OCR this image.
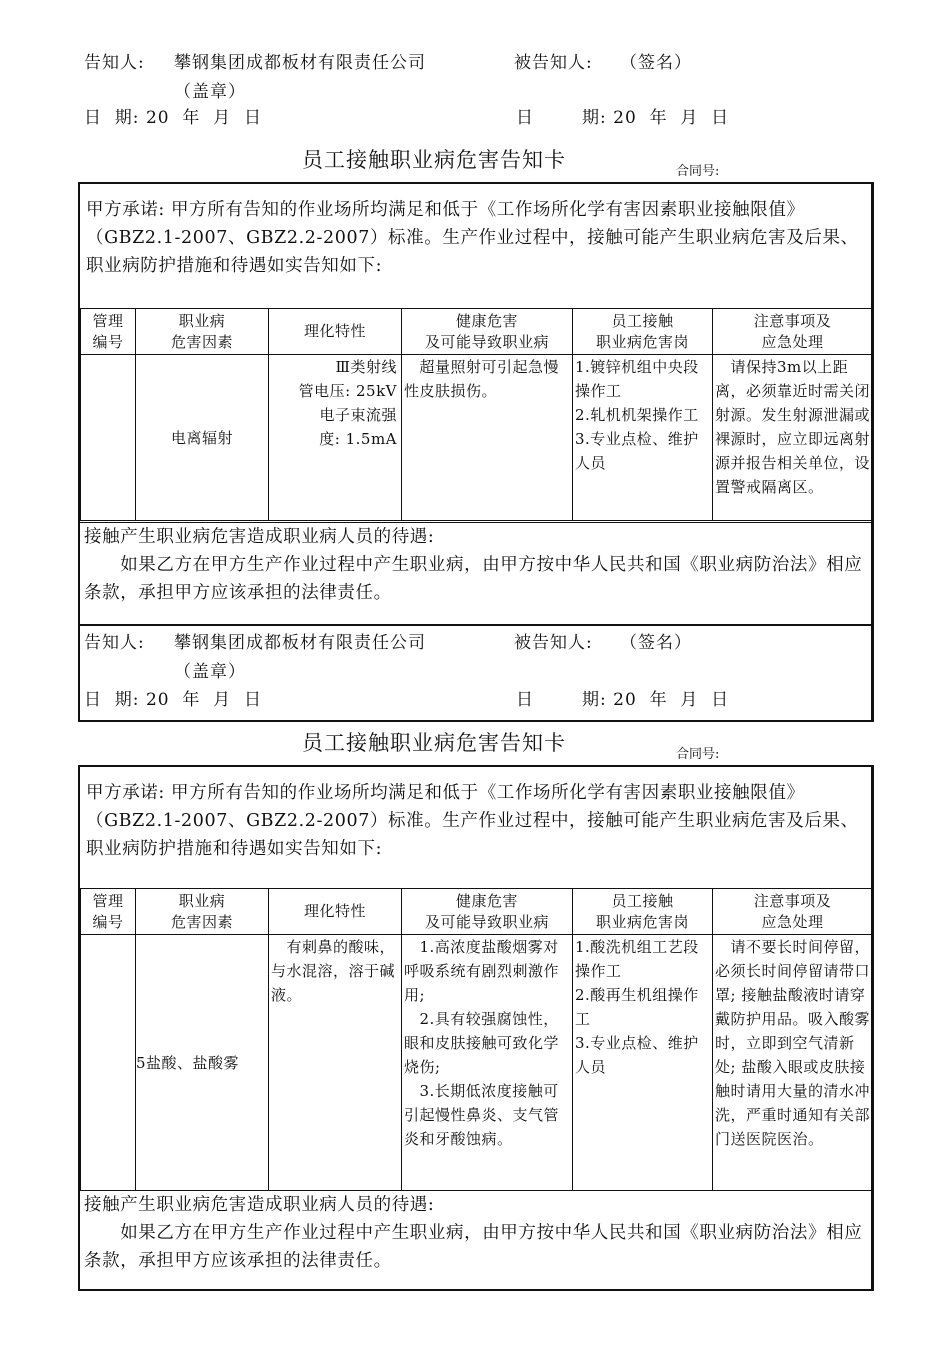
告知人: 攀钢集团成都板材有限责任公司	被告知人: （签名）
（盖章）
日  期: 20  年  月  日	日	期: 20  年  月  日
员工接触职业病危害告知卡	合同号:
甲方承诺: 甲方所有告知的作业场所均满足和低于《工作场所化学有害因素职业接触限值》（GBZ2.1-2007、GBZ2.2-2007）标准。生产作业过程中，接触可能产生职业病危害及后果、职业病防护措施和待遇如实告知如下:
管理
编号	职业病
危害因素	理化特性	健康危害
及可能导致职业病	员工接触
职业病危害岗	注意事项及
应急处理
	电离辐射	Ⅲ类射线
管电压: 25kV
电子束流强
度: 1.5mA	　超量照射可引起急慢性皮肤损伤。	1.镀锌机组中央段操作工
2.轧机机架操作工
3.专业点检、维护人员	　请保持3m以上距离，必须靠近时需关闭射源。发生射源泄漏或裸源时，应立即远离射源并报告相关单位，设置警戒隔离区。
接触产生职业病危害造成职业病人员的待遇:
　　如果乙方在甲方生产作业过程中产生职业病，由甲方按中华人民共和国《职业病防治法》相应条款，承担甲方应该承担的法律责任。
告知人: 攀钢集团成都板材有限责任公司	被告知人: （签名）
（盖章）
日  期: 20  年  月  日	日	期: 20  年  月  日
员工接触职业病危害告知卡	合同号:
甲方承诺: 甲方所有告知的作业场所均满足和低于《工作场所化学有害因素职业接触限值》（GBZ2.1-2007、GBZ2.2-2007）标准。生产作业过程中，接触可能产生职业病危害及后果、职业病防护措施和待遇如实告知如下:
管理
编号	职业病
危害因素	理化特性	健康危害
及可能导致职业病	员工接触
职业病危害岗	注意事项及
应急处理
	5盐酸、盐酸雾	　有刺鼻的酸味，与水混溶，溶于碱液。	　1.高浓度盐酸烟雾对呼吸系统有剧烈刺激作用;
　2.具有较强腐蚀性，眼和皮肤接触可致化学烧伤;
　3.长期低浓度接触可引起慢性鼻炎、支气管炎和牙酸蚀病。	1.酸洗机组工艺段操作工
2.酸再生机组操作工
3.专业点检、维护人员	　请不要长时间停留，必须长时间停留请带口罩; 接触盐酸液时请穿戴防护用品。吸入酸雾时，立即到空气清新处; 盐酸入眼或皮肤接触时请用大量的清水冲洗，严重时通知有关部门送医院医治。
接触产生职业病危害造成职业病人员的待遇:
　　如果乙方在甲方生产作业过程中产生职业病，由甲方按中华人民共和国《职业病防治法》相应条款，承担甲方应该承担的法律责任。
